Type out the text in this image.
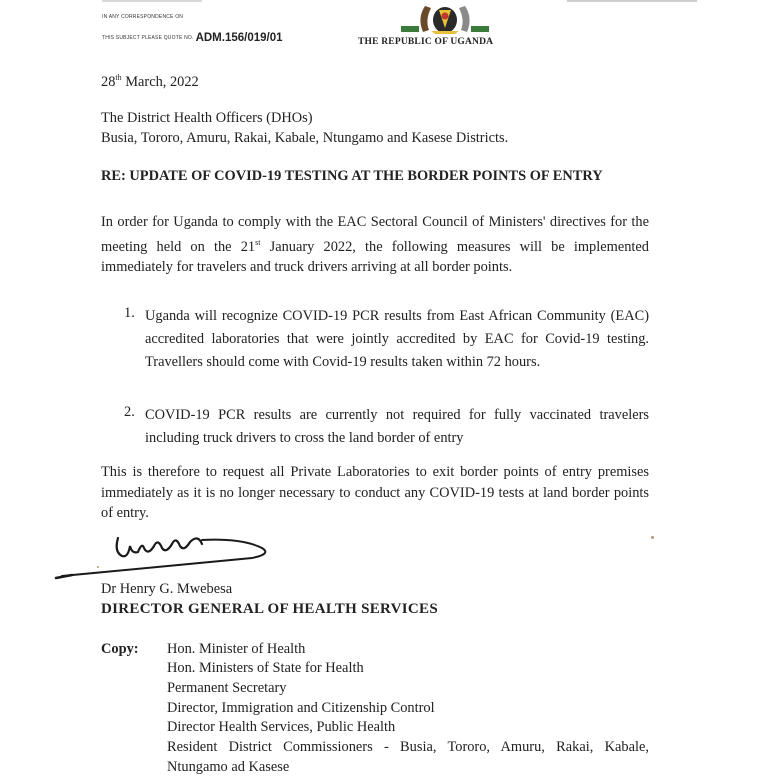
IN ANY CORRESPONDENCE ON
THIS SUBJECT PLEASE QUOTE NO. ADM.156/019/01	THE REPUBLIC OF UGANDA
28th March, 2022
The District Health Officers (DHOs)
Busia, Tororo, Amuru, Rakai, Kabale, Ntungamo and Kasese Districts.
RE: UPDATE OF COVID-19 TESTING AT THE BORDER POINTS OF ENTRY
In order for Uganda to comply with the EAC Sectoral Council of Ministers' directives for the meeting held on the 21st January 2022, the following measures will be implemented immediately for travelers and truck drivers arriving at all border points.
1. Uganda will recognize COVID-19 PCR results from East African Community (EAC) accredited laboratories that were jointly accredited by EAC for Covid-19 testing. Travellers should come with Covid-19 results taken within 72 hours.
2. COVID-19 PCR results are currently not required for fully vaccinated travelers including truck drivers to cross the land border of entry
This is therefore to request all Private Laboratories to exit border points of entry premises immediately as it is no longer necessary to conduct any COVID-19 tests at land border points of entry.
Dr Henry G. Mwebesa
DIRECTOR GENERAL OF HEALTH SERVICES
Copy: Hon. Minister of Health
Hon. Ministers of State for Health
Permanent Secretary
Director, Immigration and Citizenship Control
Director Health Services, Public Health
Resident District Commissioners - Busia, Tororo, Amuru, Rakai, Kabale, Ntungamo ad Kasese
